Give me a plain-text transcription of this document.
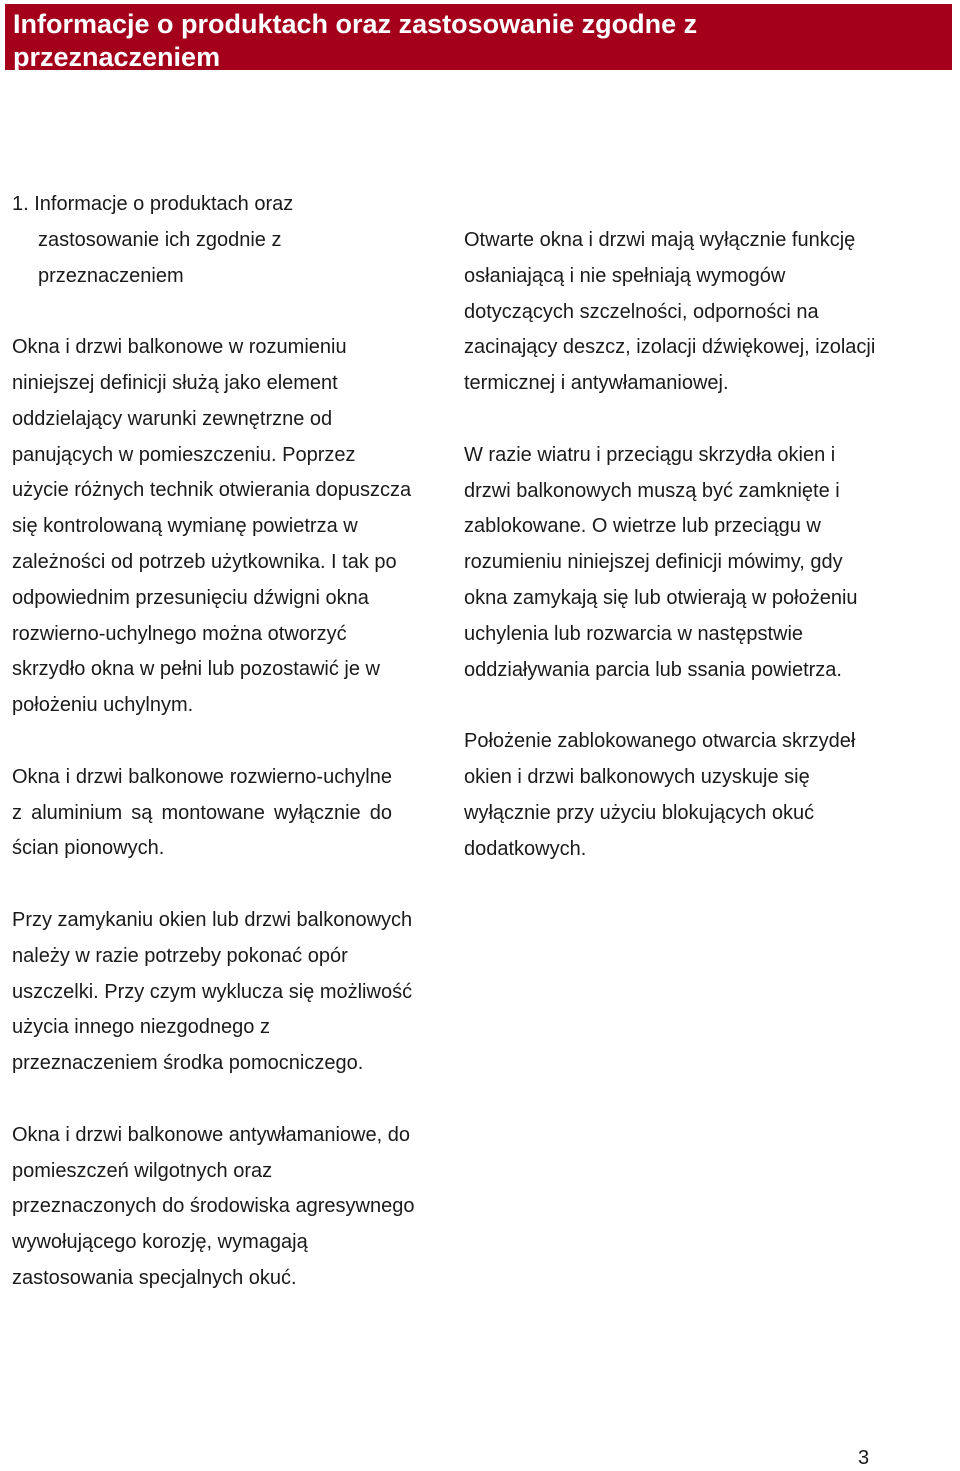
Informacje o produktach oraz zastosowanie zgodne z przeznaczeniem
1. Informacje o produktach oraz zastosowanie ich zgodnie z przeznaczeniem

Okna i drzwi balkonowe w rozumieniu niniejszej definicji służą jako element oddzielający warunki zewnętrzne od panujących w pomieszczeniu. Poprzez użycie różnych technik otwierania dopuszcza się kontrolowaną wymianę powietrza w zależności od potrzeb użytkownika. I tak po odpowiednim przesunięciu dźwigni okna rozwierno-uchylnego można otworzyć skrzydło okna w pełni lub pozostawić je w położeniu uchylnym.

Okna i drzwi balkonowe rozwierno-uchylne z aluminium są montowane wyłącznie do ścian pionowych.

Przy zamykaniu okien lub drzwi balkonowych należy w razie potrzeby pokonać opór uszczelki. Przy czym wyklucza się możliwość użycia innego niezgodnego z przeznaczeniem środka pomocniczego.

Okna i drzwi balkonowe antywłamaniowe, do pomieszczeń wilgotnych oraz przeznaczonych do środowiska agresywnego wywołującego korozję, wymagają zastosowania specjalnych okuć.

Otwarte okna i drzwi mają wyłącznie funkcję osłaniającą i nie spełniają wymogów dotyczących szczelności, odporności na zacinający deszcz, izolacji dźwiękowej, izolacji termicznej i antywłamaniowej.

W razie wiatru i przeciągu skrzydła okien i drzwi balkonowych muszą być zamknięte i zablokowane. O wietrze lub przeciągu w rozumieniu niniejszej definicji mówimy, gdy okna zamykają się lub otwierają w położeniu uchylenia lub rozwarcia w następstwie oddziaływania parcia lub ssania powietrza.

Położenie zablokowanego otwarcia skrzydeł okien i drzwi balkonowych uzyskuje się wyłącznie przy użyciu blokujących okuć dodatkowych.

3
